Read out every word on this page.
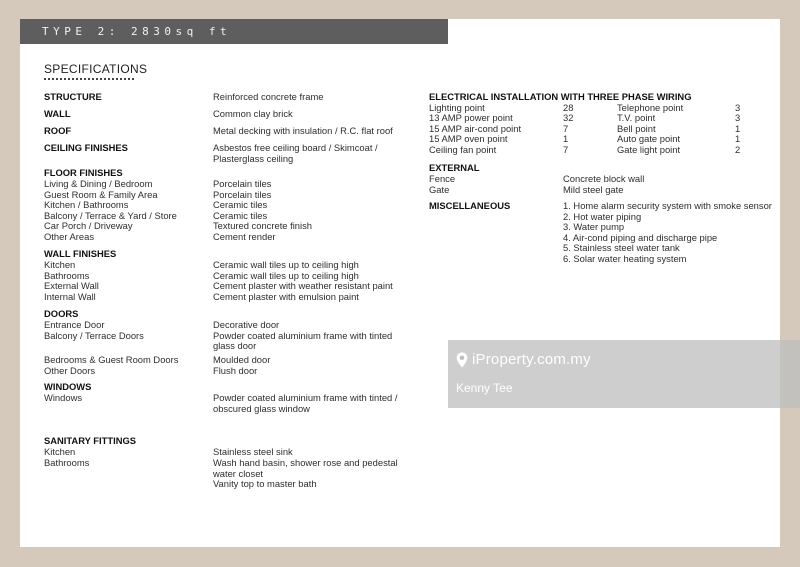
TYPE 2: 2830sq ft
SPECIFICATIONS
STRUCTURE	Reinforced concrete frame
WALL	Common clay brick
ROOF	Metal decking with insulation / R.C. flat roof
CEILING FINISHES	Asbestos free ceiling board / Skimcoat / Plasterglass ceiling
FLOOR FINISHES
Living & Dining / Bedroom	Porcelain tiles
Guest Room & Family Area	Porcelain tiles
Kitchen / Bathrooms	Ceramic tiles
Balcony / Terrace & Yard / Store	Ceramic tiles
Car Porch / Driveway	Textured concrete finish
Other Areas	Cement render
WALL FINISHES
Kitchen	Ceramic wall tiles up to ceiling high
Bathrooms	Ceramic wall tiles up to ceiling high
External Wall	Cement plaster with weather resistant paint
Internal Wall	Cement plaster with emulsion paint
DOORS
Entrance Door	Decorative door
Balcony / Terrace Doors	Powder coated aluminium frame with tinted glass door
Bedrooms & Guest Room Doors	Moulded door
Other Doors	Flush door
WINDOWS
Windows	Powder coated aluminium frame with tinted / obscured glass window
SANITARY FITTINGS
Kitchen	Stainless steel sink
Bathrooms	Wash hand basin, shower rose and pedestal water closet
Vanity top to master bath
ELECTRICAL INSTALLATION WITH THREE PHASE WIRING
Lighting point	28	Telephone point	3
13 AMP power point	32	T.V. point	3
15 AMP air-cond point	7	Bell point	1
15 AMP oven point	1	Auto gate point	1
Ceiling fan point	7	Gate light point	2
EXTERNAL
Fence	Concrete block wall
Gate	Mild steel gate
MISCELLANEOUS	1. Home alarm security system with smoke sensor
2. Hot water piping
3. Water pump
4. Air-cond piping and discharge pipe
5. Stainless steel water tank
6. Solar water heating system
iProperty.com.my
Kenny Tee
